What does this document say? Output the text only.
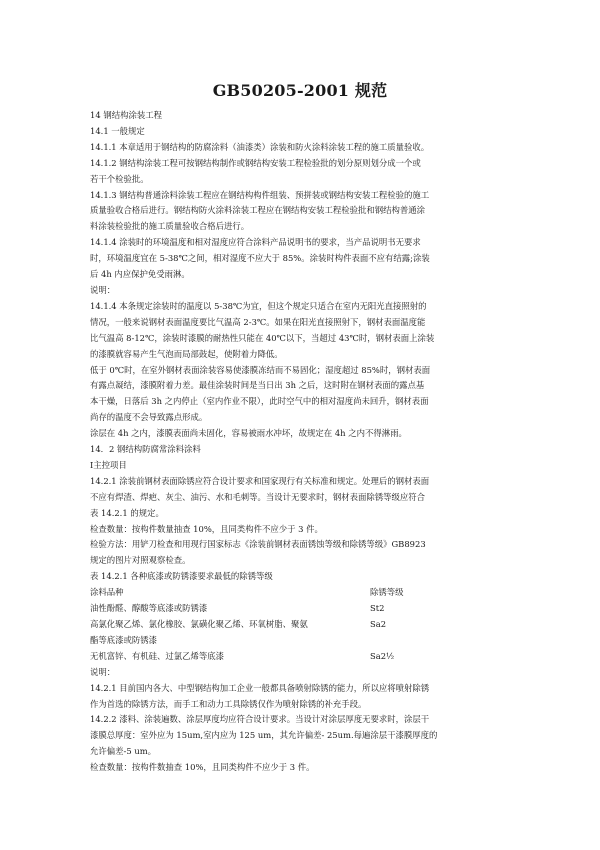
GB50205-2001 规范
14 钢结构涂装工程
14.1 一般规定
14.1.1 本章适用于钢结构的防腐涂料（油漆类）涂装和防火涂料涂装工程的施工质量验收。
14.1.2 钢结构涂装工程可按钢结构制作或钢结构安装工程检验批的划分原则划分成一个或
若干个检验批。
14.1.3 钢结构普通涂料涂装工程应在钢结构构件组装、预拼装或钢结构安装工程检验的施工
质量验收合格后进行。钢结构防火涂料涂装工程应在钢结构安装工程检验批和钢结构普通涂
料涂装检验批的施工质量验收合格后进行。
14.1.4 涂装时的环境温度和相对湿度应符合涂料产品说明书的要求，当产品说明书无要求
时，环境温度宜在 5-38℃之间，相对湿度不应大于 85%。涂装时构件表面不应有结露;涂装
后 4h 内应保护免受雨淋。
说明：
14.1.4 本条规定涂装时的温度以 5-38℃为宜，但这个规定只适合在室内无阳光直接照射的
情况，一般来说钢材表面温度要比气温高 2-3℃。如果在阳光直接照射下，钢材表面温度能
比气温高 8-12℃，涂装时漆膜的耐热性只能在 40℃以下，当超过 43℃时，钢材表面上涂装
的漆膜就容易产生气泡而局部鼓起，使附着力降低。
低于 0℃时，在室外钢材表面涂装容易使漆膜冻结而不易固化；湿度超过 85%时，钢材表面
有露点凝结，漆膜附着力差。最佳涂装时间是当日出 3h 之后，这时附在钢材表面的露点基
本干燥，日落后 3h 之内停止（室内作业不限），此时空气中的相对湿度尚未回升，钢材表面
尚存的温度不会导致露点形成。
涂层在 4h 之内，漆膜表面尚未固化，容易被雨水冲坏，故规定在 4h 之内不得淋雨。
14．2 钢结构防腐常涂料涂料
Ⅰ主控项目
14.2.1 涂装前钢材表面除锈应符合设计要求和国家现行有关标准和规定。处理后的钢材表面
不应有焊渣、焊疤、灰尘、油污、水和毛刺等。当设计无要求时，钢材表面除锈等级应符合
表 14.2.1 的规定。
检查数量：按构件数量抽查 10%，且同类构件不应少于 3 件。
检验方法：用铲刀检查和用现行国家标志《涂装前钢材表面锈蚀等级和除锈等级》GB8923
规定的图片对照观察检查。
表 14.2.1 各种底漆或防锈漆要求最低的除锈等级
涂料品种	除锈等级
油性酚醛、醇酸等底漆或防锈漆	St2
高氯化聚乙烯、氯化橡胶、氯磺化聚乙烯、环氧树脂、聚氨	Sa2
酯等底漆或防锈漆
无机富锌、有机硅、过氯乙烯等底漆	Sa2½
说明：
14.2.1 目前国内各大、中型钢结构加工企业一般都具备喷射除锈的能力，所以应将喷射除锈
作为首选的除锈方法，而手工和动力工具除锈仅作为喷射除锈的补充手段。
14.2.2 漆料、涂装遍数、涂层厚度均应符合设计要求。当设计对涂层厚度无要求时，涂层干
漆膜总厚度：室外应为 15um,室内应为 125 um，其允许偏差- 25um.每遍涂层干漆膜厚度的
允许偏差-5 um。
检查数量：按构件数抽查 10%，且同类构件不应少于 3 件。
